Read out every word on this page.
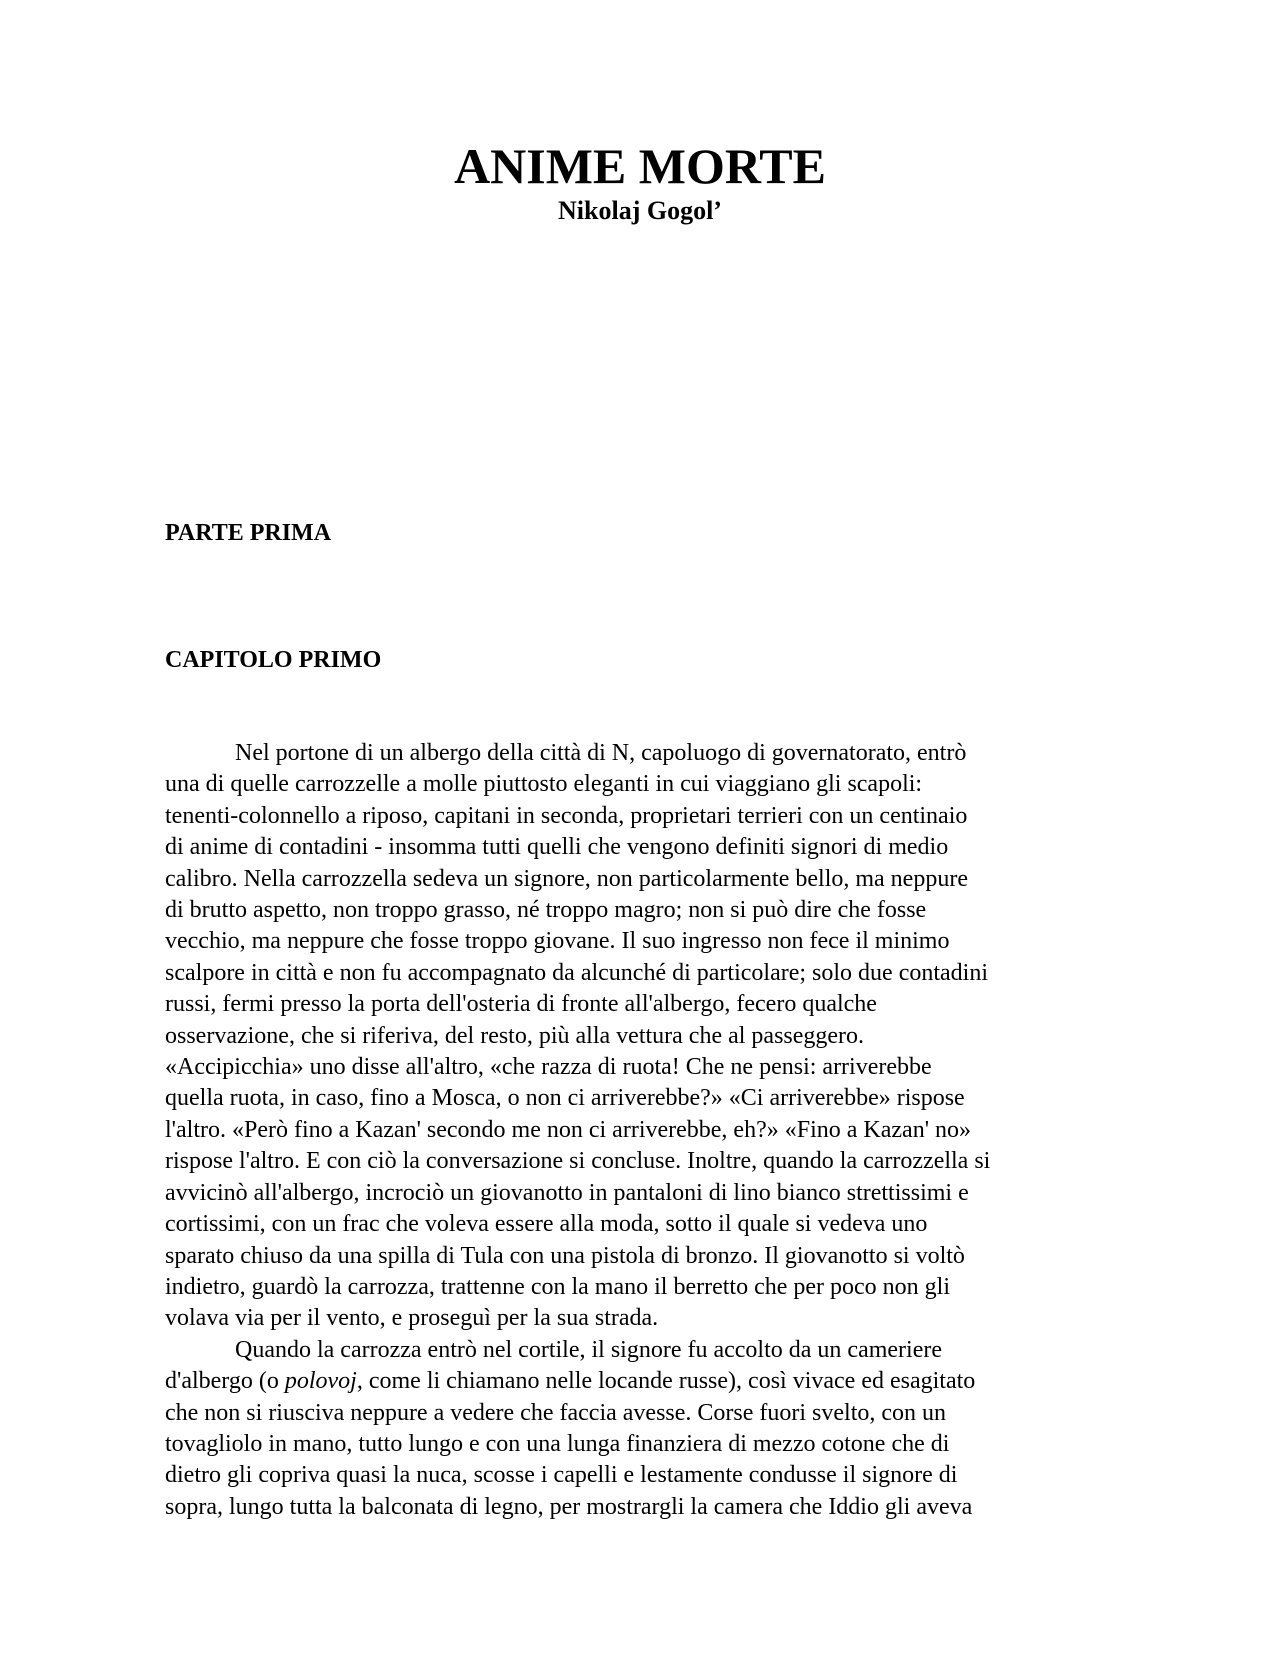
ANIME MORTE
Nikolaj Gogol’
PARTE PRIMA
CAPITOLO PRIMO
Nel portone di un albergo della città di N, capoluogo di governatorato, entrò
una di quelle carrozzelle a molle piuttosto eleganti in cui viaggiano gli scapoli:
tenenti-colonnello a riposo, capitani in seconda, proprietari terrieri con un centinaio
di anime di contadini - insomma tutti quelli che vengono definiti signori di medio
calibro. Nella carrozzella sedeva un signore, non particolarmente bello, ma neppure
di brutto aspetto, non troppo grasso, né troppo magro; non si può dire che fosse
vecchio, ma neppure che fosse troppo giovane. Il suo ingresso non fece il minimo
scalpore in città e non fu accompagnato da alcunché di particolare; solo due contadini
russi, fermi presso la porta dell'osteria di fronte all'albergo, fecero qualche
osservazione, che si riferiva, del resto, più alla vettura che al passeggero.
«Accipicchia» uno disse all'altro, «che razza di ruota! Che ne pensi: arriverebbe
quella ruota, in caso, fino a Mosca, o non ci arriverebbe?» «Ci arriverebbe» rispose
l'altro. «Però fino a Kazan' secondo me non ci arriverebbe, eh?» «Fino a Kazan' no»
rispose l'altro. E con ciò la conversazione si concluse. Inoltre, quando la carrozzella si
avvicinò all'albergo, incrociò un giovanotto in pantaloni di lino bianco strettissimi e
cortissimi, con un frac che voleva essere alla moda, sotto il quale si vedeva uno
sparato chiuso da una spilla di Tula con una pistola di bronzo. Il giovanotto si voltò
indietro, guardò la carrozza, trattenne con la mano il berretto che per poco non gli
volava via per il vento, e proseguì per la sua strada.
Quando la carrozza entrò nel cortile, il signore fu accolto da un cameriere
d'albergo (o polovoj, come li chiamano nelle locande russe), così vivace ed esagitato
che non si riusciva neppure a vedere che faccia avesse. Corse fuori svelto, con un
tovagliolo in mano, tutto lungo e con una lunga finanziera di mezzo cotone che di
dietro gli copriva quasi la nuca, scosse i capelli e lestamente condusse il signore di
sopra, lungo tutta la balconata di legno, per mostrargli la camera che Iddio gli aveva
